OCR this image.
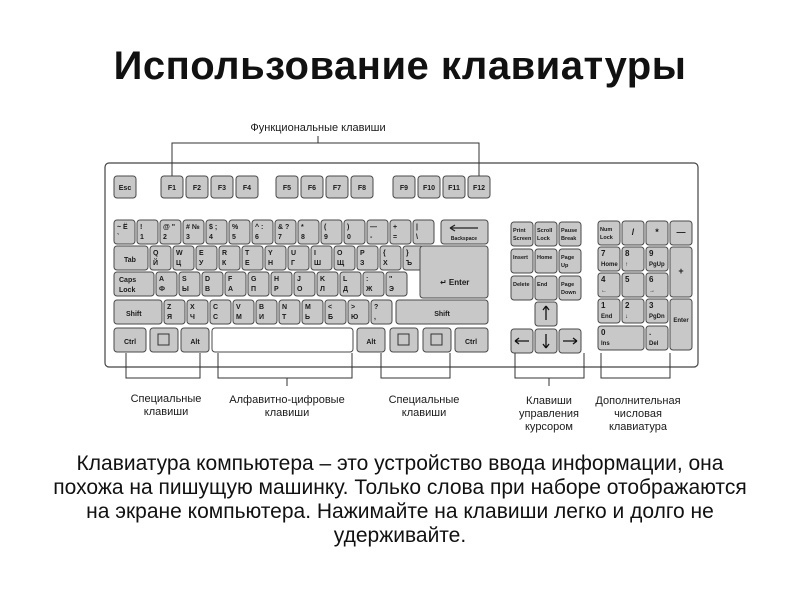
Использование клавиатуры
Esc	F1 F2 F3 F4	F5 F6 F7 F8	F9 F10 F11 F12
Функциональные клавиши
~ Ё
`
!
1
@ "
2
# №
3
$ ;
4
%
5
^ :
6
& ?
7
*
8
(
9
)
0
—
-
+
=
|
\	Backspace
Tab
Q
Й
W
Ц
E
У
R
К
T
Е
Y
Н
U
Г
I
Ш
O
Щ
P
З
{
Х
}
Ъ
↵ Enter
Caps
Lock
A
Ф
S
Ы
D
В
F
А
G
П
H
Р
J
О
K
Л
L
Д
:
Ж
"
Э
Shift
Z
Я
X
Ч
C
С
V
М
B
И
N
Т
M
Ь
<
Б
>
Ю
?
,	Shift
Ctrl	Alt	Alt	Ctrl
Print
Screen
Scroll
Lock
Pause
Break
Insert Home Page
Up
Delete End Page
Down
Num
Lock
/ * —
7
Home
8
↑
9
PgUp
4
←
5 6
→
1
End
2
↓
3
PgDn
0
Ins
.
Del
+
Enter
Специальные
клавиши
Алфавитно-цифровые
клавиши
Специальные
клавиши
Клавиши
управления
курсором
Дополнительная
числовая
клавиатура

Клавиатура компьютера – это устройство ввода информации, она похожа на пишущую машинку. Только слова при наборе отображаются на экране компьютера. Нажимайте на клавиши легко и долго не удерживайте.
